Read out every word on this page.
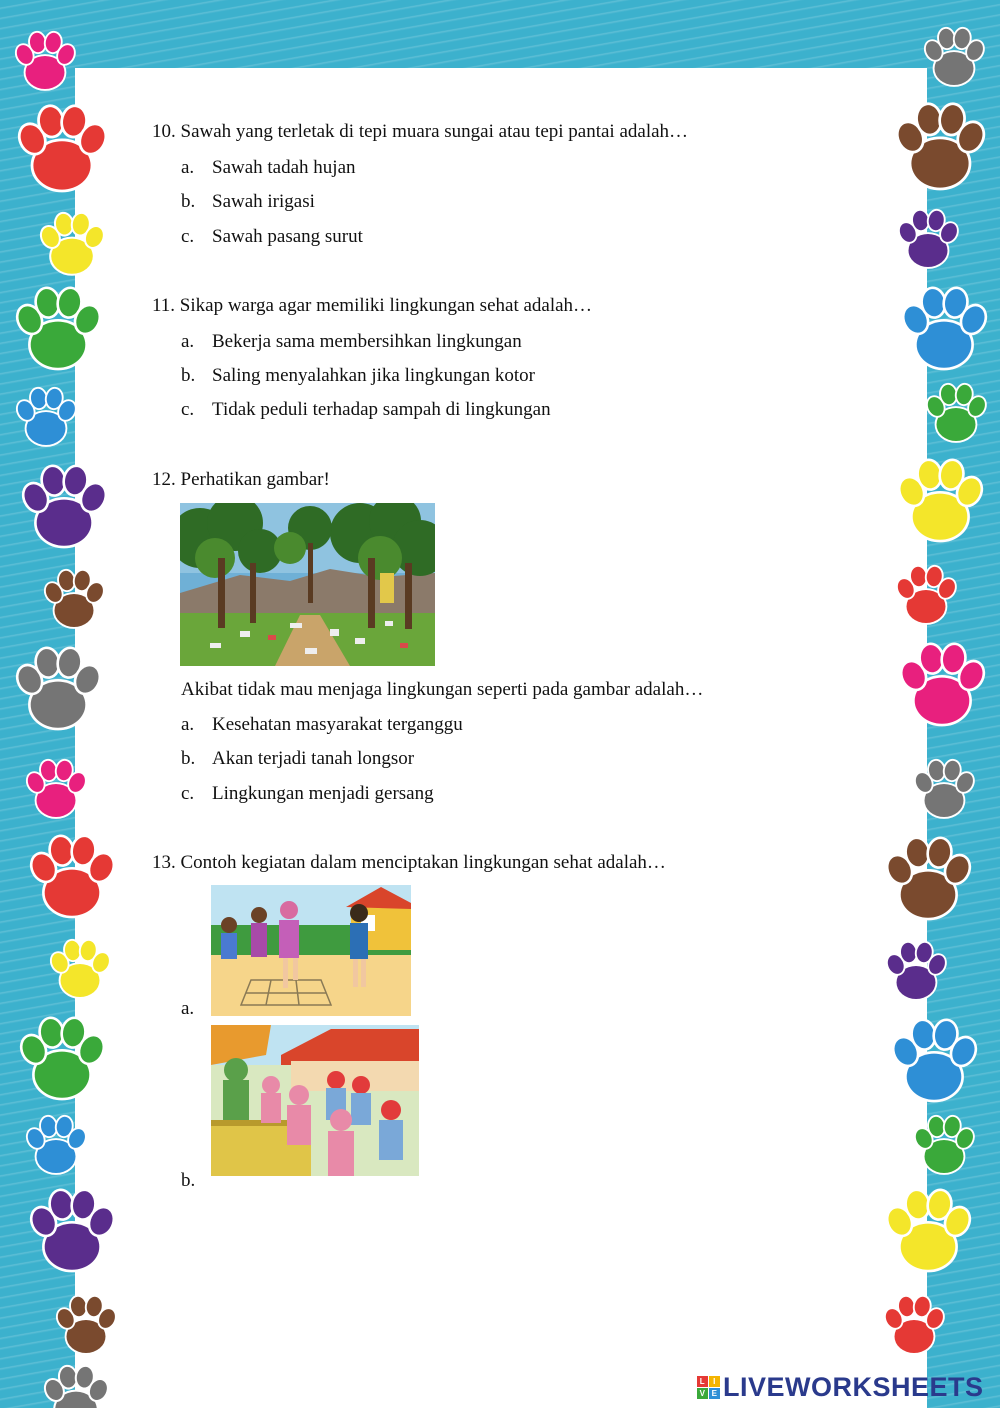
10. Sawah yang terletak di tepi muara sungai atau tepi pantai adalah…
a. Sawah tadah hujan
b. Sawah irigasi
c. Sawah pasang surut
11. Sikap warga agar memiliki lingkungan sehat adalah…
a. Bekerja sama membersihkan lingkungan
b. Saling menyalahkan jika lingkungan kotor
c. Tidak peduli terhadap sampah di lingkungan
12. Perhatikan gambar!
Akibat tidak mau menjaga lingkungan seperti pada gambar adalah…
a. Kesehatan masyarakat terganggu
b. Akan terjadi tanah longsor
c. Lingkungan menjadi gersang
13. Contoh kegiatan dalam menciptakan lingkungan sehat adalah…
a.
b.
L I
V E LIVEWORKSHEETS
